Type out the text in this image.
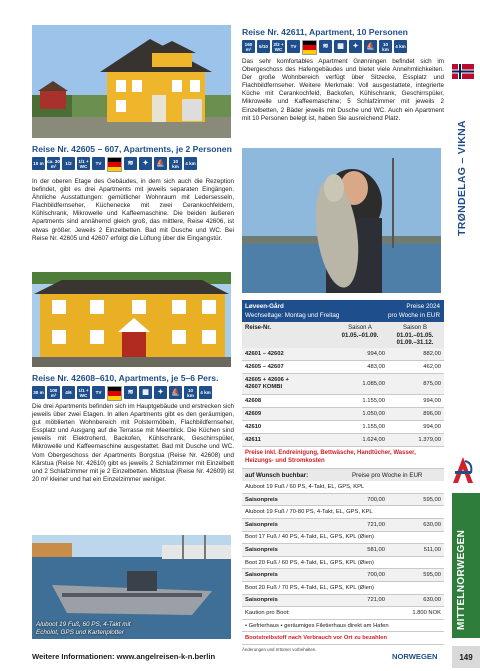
Aluboot 19 Fuß, 60 PS, 4-Takt mit
Echolot, GPS und Kartenplotter
Reise Nr. 42611, Apartment, 10 Personen
160 m²	5/10 2/2 + WC	TV	≋	▦	✦	⛵	10 km	4 km
Das sehr komfortables Apartment Grønningen befindet sich im Obergeschoss des Hafengebäudes und bietet viele Annehmlichkeiten. Der große Wohnbereich verfügt über Sitzecke, Essplatz und Flachbildfernseher. Weitere Merkmale: Voll ausgestattete, integrierte Küche mit Cerankochfeld, Backofen, Kühlschrank, Geschirrspüler, Mikrowelle und Kaffeemaschine; 5 Schlafzimmer mit jeweils 2 Einzelbetten, 2 Bäder jeweils mit Dusche und WC. Auch ein Apartment mit 10 Personen belegt ist, haben Sie ausreichend Platz.
Reise Nr. 42605 – 607, Apartments, je 2 Personen
10 m ca. 30 m²	1/2 1/1 + WC	TV	≋	✦	⛵	10 km	4 km
In der oberen Etage des Gebäudes, in dem sich auch die Rezeption befindet, gibt es drei Apartments mit jeweils separaten Eingängen. Ähnliche Ausstattungen: gemütlicher Wohnraum mit Ledersesseln, Flachbildfernseher, Küchenecke mit zwei Cerankochfeldern, Kühlschrank, Mikrowelle und Kaffeemaschine. Die beiden äußeren Apartments sind annähernd gleich groß, das mittlere, Reise 42606, ist etwas größer. Jeweils 2 Einzelbetten. Bad mit Dusche und WC. Bei Reise Nr. 42605 und 42607 erfolgt die Lüftung über die Eingangstür.
Reise Nr. 42608–610, Apartments, je 5–6 Pers.
30 m	100 m²	4/6 1/1 + WC	TV	≋	▦	✦	⛵	10 km	4 km
Die drei Apartments befinden sich im Hauptgebäude und erstrecken sich jeweils über zwei Etagen. In allen Apartments gibt es den geräumigen, gut möblierten Wohnbereich mit Polstermöbeln, Flachbildfernseher, Essplatz und Ausgang auf die Terrasse mit Meerblick. Die Küchen sind jeweils mit Elektroherd, Backofen, Kühlschrank, Geschirrspüler, Mikrowelle und Kaffeemaschine ausgestattet. Bad mit Dusche und WC. Vom Obergeschoss der Apartments Borgstua (Reise Nr. 42608) und Kärstua (Reise Nr. 42610) gibt es jeweils 2 Schlafzimmer mit Einzelbett und 2 Schlafzimmer mit je 2 Einzelbetten. Midtstua (Reise Nr. 42609) ist 20 m² kleiner und hat ein Einzelzimmer weniger.
Løveen-Gård
Wechseltage: Montag und Freitag
Preise 2024
pro Woche in EUR
Reise-Nr.	Saison A
01.05.–01.09.
Saison B
01.01.–01.05.
01.09.–31.12.
42601 – 42602	994,00	882,00
42605 – 42607	483,00	462,00

42605 + 42606 +
42607 KOMBI	1.085,00	875,00
42608	1.155,00	994,00
42609	1.050,00	896,00
42610	1.155,00	994,00
42611	1.624,00	1.379,00
Preise inkl. Endreinigung, Bettwäsche, Handtücher, Wasser, Heizungs- und Stromkosten
auf Wunsch buchbar:	Preise pro Woche in EUR
Aluboot 19 Fuß / 60 PS, 4-Takt, EL, GPS, KPL		
Saisonpreis	700,00	595,00
Aluboot 19 Fuß / 70-80 PS, 4-Takt, EL, GPS, KPL		
Saisonpreis	721,00	630,00
Boot 17 Fuß / 40 PS, 4-Takt, EL, GPS, KPL (Øien)		
Saisonpreis	581,00	511,00
Boot 20 Fuß / 60 PS, 4-Takt, EL, GPS, KPL (Øien)		
Saisonpreis	700,00	595,00
Boot 20 Fuß / 70 PS, 4-Takt, EL, GPS, KPL (Øien)		
Saisonpreis	721,00	630,00
Kaution pro Boot:		1.800 NOK
• Gefrierhaus • geräumiges Filetierhaus direkt am Hafen		
Bootstreibstoff nach Verbrauch vor Ort zu bezahlen		
Änderungen und Irrtümer vorbehalten.
TRØNDELAG – VIKNA
MITTELNORWEGEN
Weitere Informationen: www.angelreisen-k-n.berlin	NORWEGEN	149
